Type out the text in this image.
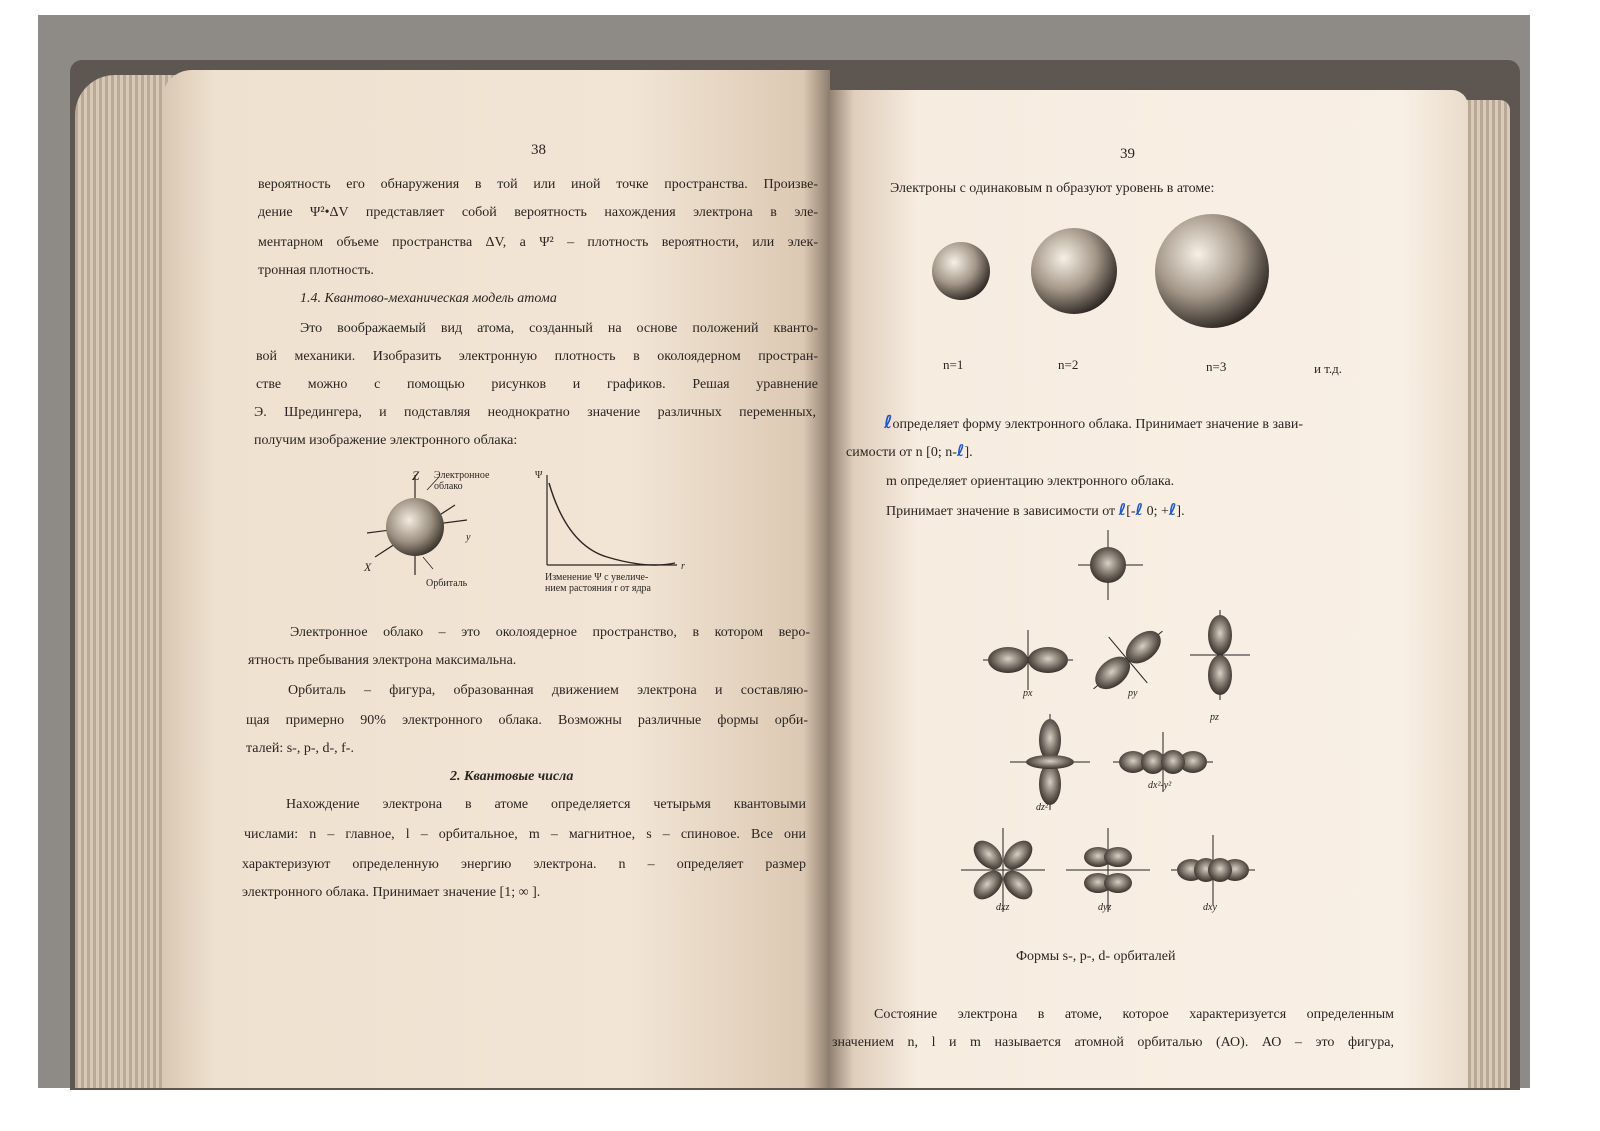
38
вероятность его обнаружения в той или иной точке пространства. Произве-
дение Ψ²•ΔV представляет собой вероятность нахождения электрона в эле-
ментарном объеме пространства ΔV, а Ψ² – плотность вероятности, или элек-
тронная плотность.
1.4. Квантово-механическая модель атома
Это воображаемый вид атома, созданный на основе положений кванто-
вой механики. Изобразить электронную плотность в околоядерном простран-
стве можно с помощью рисунков и графиков. Решая уравнение
Э. Шредингера, и подставляя неоднократно значение различных переменных,
получим изображение электронного облака:
Z
y
X
Электронное
облако
Орбиталь
Ψ
r
Изменение Ψ с увеличе-
нием растояния r от ядра
Электронное облако – это околоядерное пространство, в котором веро-
ятность пребывания электрона максимальна.
Орбиталь – фигура, образованная движением электрона и составляю-
щая примерно 90% электронного облака. Возможны различные формы орби-
талей: s-, p-, d-, f-.
2. Квантовые числа
Нахождение электрона в атоме определяется четырьмя квантовыми
числами: n – главное, l – орбитальное, m – магнитное, s – спиновое. Все они
характеризуют определенную энергию электрона. n – определяет размер
электронного облака. Принимает значение [1; ∞ ].
39
Электроны с одинаковым n образуют уровень в атоме:
n=1	n=2	n=3	и т.д.
ℓопределяет форму электронного облака. Принимает значение в зави-
симости от n [0; n-ℓ].
m определяет ориентацию электронного облака.
Принимает значение в зависимости от ℓ[-ℓ 0; +ℓ].
px	py
pz
dz²
dx²-y²
dxz	dyz	dxy
Формы s-, p-, d- орбиталей
Состояние электрона в атоме, которое характеризуется определенным
значением n, l и m называется атомной орбиталью (АО). АО – это фигура,
